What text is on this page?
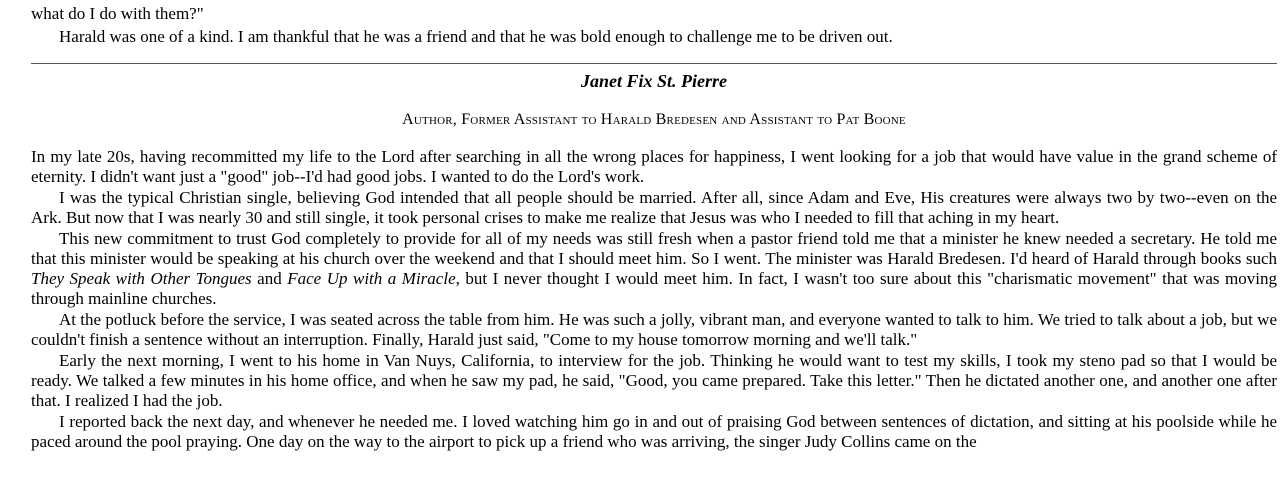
what do I do with them?"

Harald was one of a kind. I am thankful that he was a friend and that he was bold enough to challenge me to be driven out.

Janet Fix St. Pierre
Author, Former Assistant to Harald Bredesen and Assistant to Pat Boone

In my late 20s, having recommitted my life to the Lord after searching in all the wrong places for happiness, I went looking for a job that would have value in the grand scheme of eternity. I didn't want just a "good" job--I'd had good jobs. I wanted to do the Lord's work.

I was the typical Christian single, believing God intended that all people should be married. After all, since Adam and Eve, His creatures were always two by two--even on the Ark. But now that I was nearly 30 and still single, it took personal crises to make me realize that Jesus was who I needed to fill that aching in my heart.

This new commitment to trust God completely to provide for all of my needs was still fresh when a pastor friend told me that a minister he knew needed a secretary. He told me that this minister would be speaking at his church over the weekend and that I should meet him. So I went. The minister was Harald Bredesen. I'd heard of Harald through books such They Speak with Other Tongues and Face Up with a Miracle, but I never thought I would meet him. In fact, I wasn't too sure about this "charismatic movement" that was moving through mainline churches.

At the potluck before the service, I was seated across the table from him. He was such a jolly, vibrant man, and everyone wanted to talk to him. We tried to talk about a job, but we couldn't finish a sentence without an interruption. Finally, Harald just said, "Come to my house tomorrow morning and we'll talk."

Early the next morning, I went to his home in Van Nuys, California, to interview for the job. Thinking he would want to test my skills, I took my steno pad so that I would be ready. We talked a few minutes in his home office, and when he saw my pad, he said, "Good, you came prepared. Take this letter." Then he dictated another one, and another one after that. I realized I had the job.

I reported back the next day, and whenever he needed me. I loved watching him go in and out of praising God between sentences of dictation, and sitting at his poolside while he paced around the pool praying. One day on the way to the airport to pick up a friend who was arriving, the singer Judy Collins came on the
